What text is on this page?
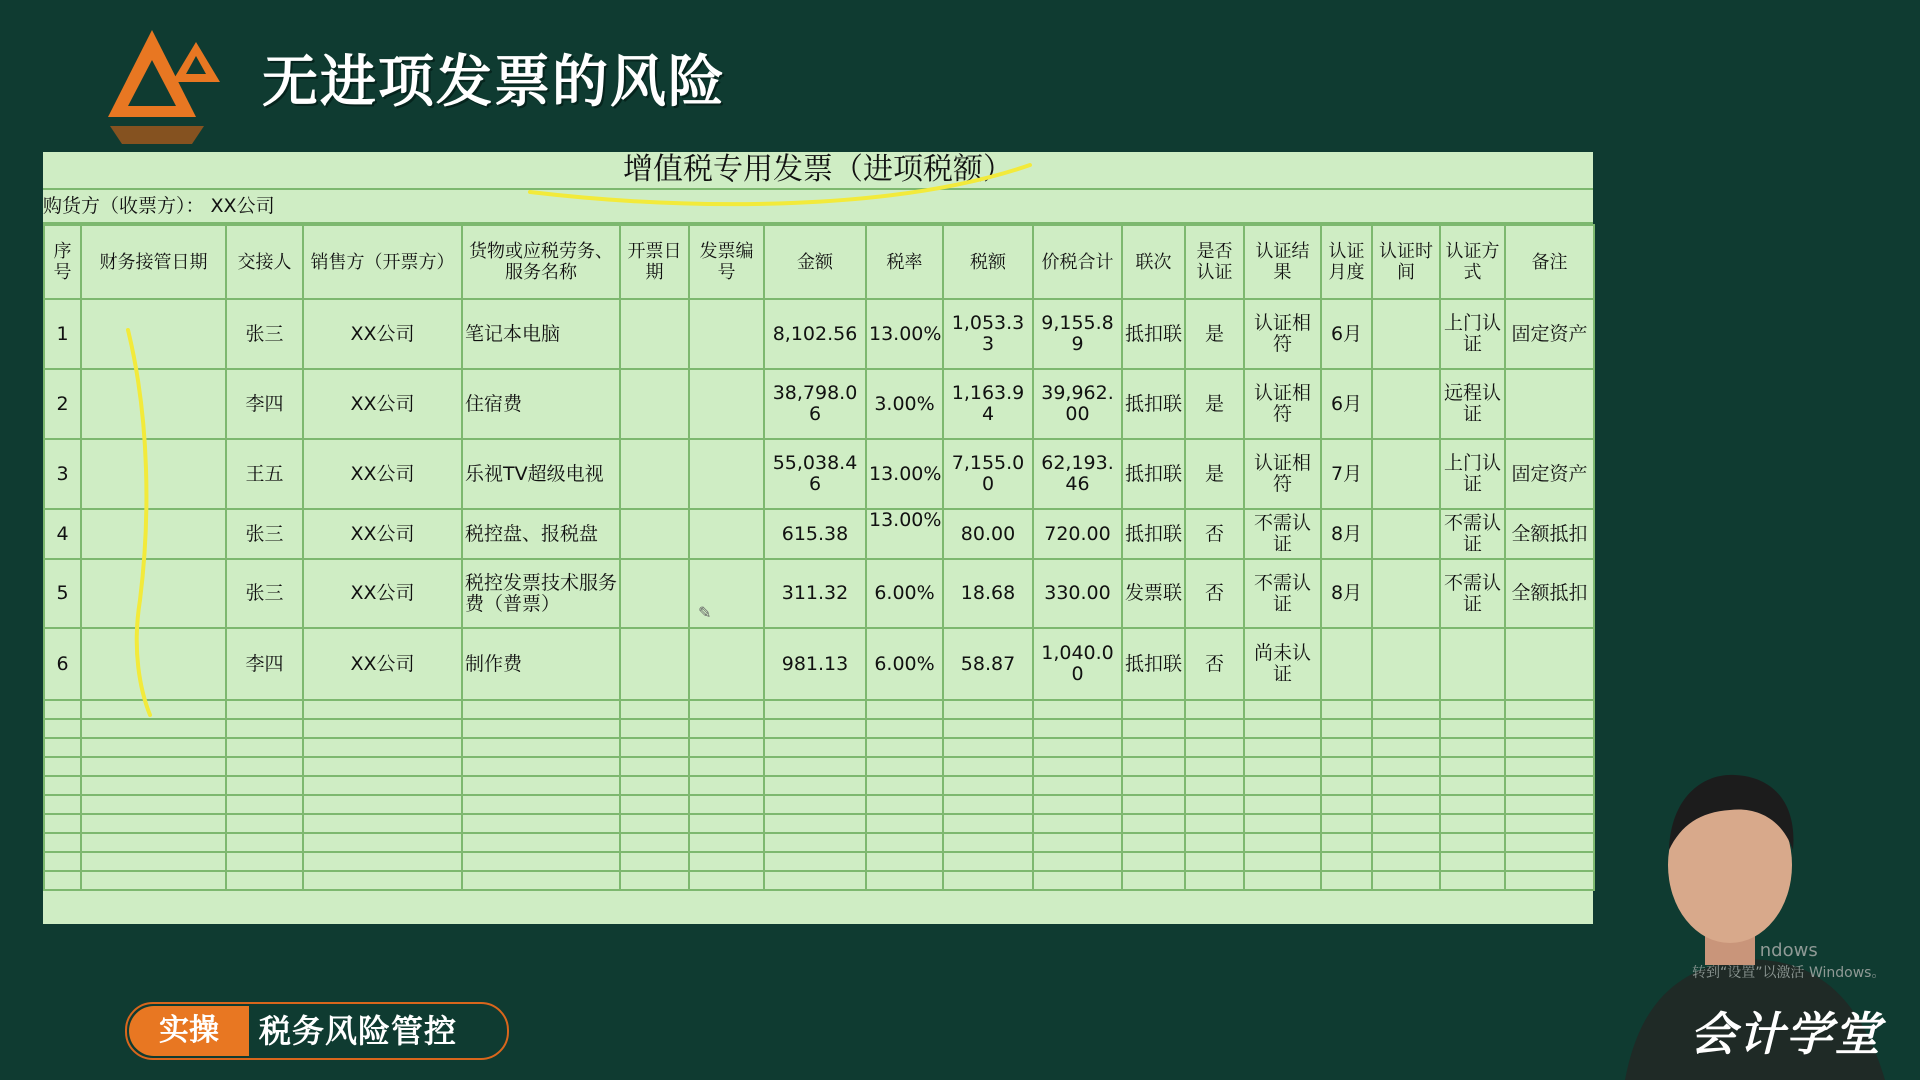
无进项发票的风险
增值税专用发票（进项税额）
购货方（收票方）： XX公司
序号	财务接管日期	交接人	销售方（开票方）	货物或应税劳务、服务名称	开票日期	发票编号	金额	税率	税额	价税合计	联次	是否认证	认证结果	认证月度	认证时间	认证方式	备注
1		张三	XX公司	笔记本电脑			8,102.56	13.00%	1,053.33	9,155.89	抵扣联	是	认证相符	6月		上门认 证	固定资产
2		李四	XX公司	住宿费			38,798.06	3.00%	1,163.94	39,962.00	抵扣联	是	认证相符	6月		远程认 证	
3		王五	XX公司	乐视TV超级电视			55,038.46	13.00%	7,155.00	62,193.46	抵扣联	是	认证相符	7月		上门认 证	固定资产
4		张三	XX公司	税控盘、报税盘			615.38	13.00%	80.00	720.00	抵扣联	否	不需认证	8月		不需认证	全额抵扣
5		张三	XX公司	税控发票技术服务费（普票）			311.32	6.00%	18.68	330.00	发票联	否	不需认证	8月		不需认证	全额抵扣
6		李四	XX公司	制作费			981.13	6.00%	58.87	1,040.00	抵扣联	否	尚未认证				

✎
ndows
转到“设置”以激活 Windows。
会计学堂
实操	税务风险管控
